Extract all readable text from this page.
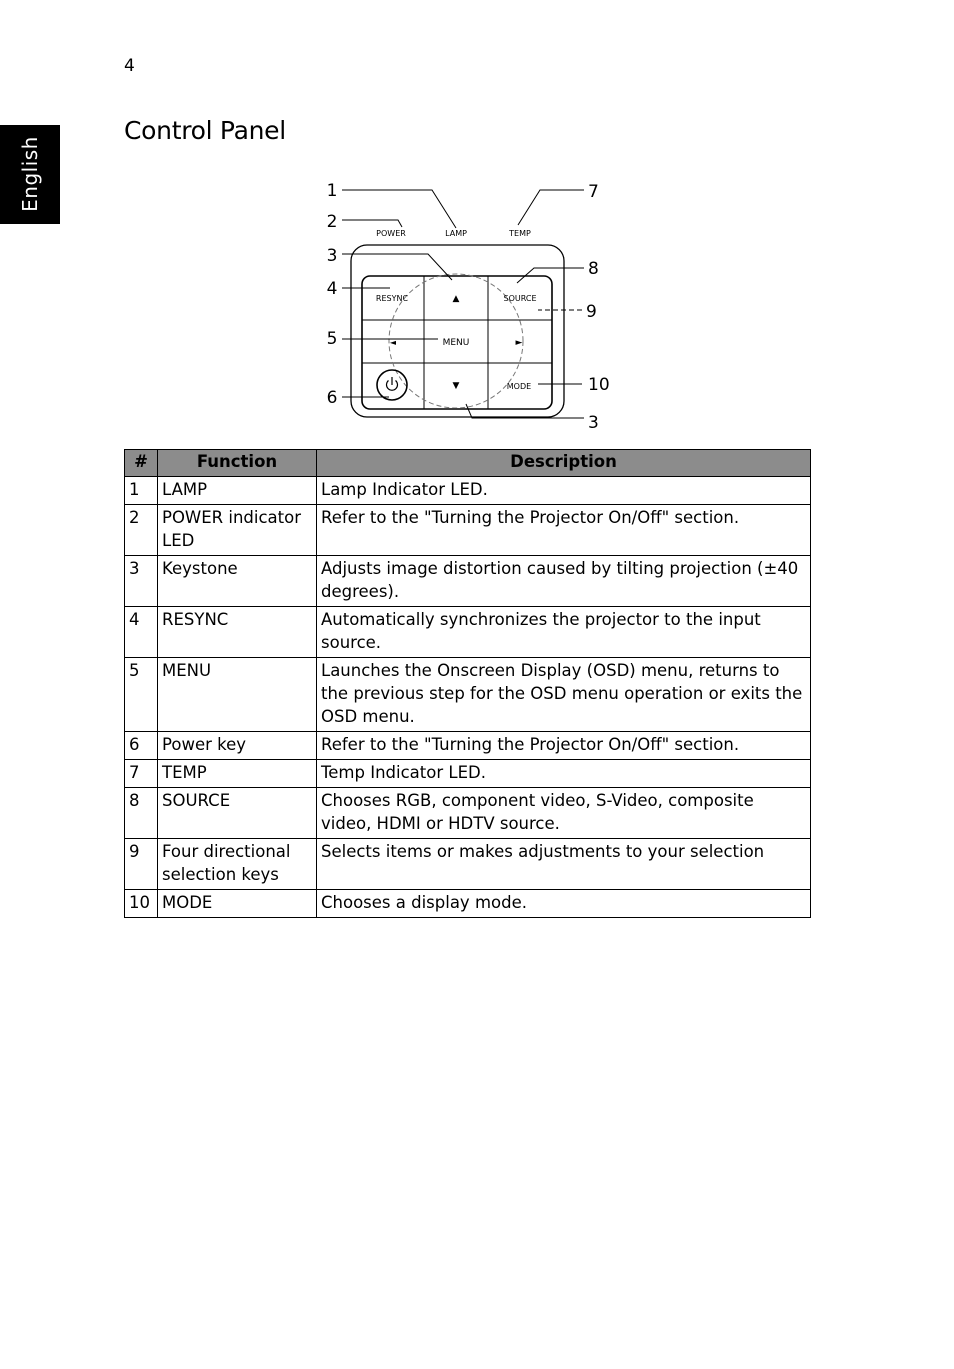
4
English
Control Panel
POWER	LAMP	TEMP
RESYNC	SOURCE
MENU
MODE
▲
▼
◄	►
1
2
3
4
5
6
7
8
9
10
3
#	Function	Description
1	LAMP	Lamp Indicator LED.
2	POWER indicator LED	Refer to the "Turning the Projector On/Off" section.
3	Keystone	Adjusts image distortion caused by tilting projection (±40 degrees).
4	RESYNC	Automatically synchronizes the projector to the input source.
5	MENU	Launches the Onscreen Display (OSD) menu, returns to the previous step for the OSD menu operation or exits the OSD menu.
6	Power key	Refer to the "Turning the Projector On/Off" section.
7	TEMP	Temp Indicator LED.
8	SOURCE	Chooses RGB, component video, S-Video, composite video, HDMI or HDTV source.
9	Four directional selection keys	Selects items or makes adjustments to your selection
10	MODE	Chooses a display mode.
